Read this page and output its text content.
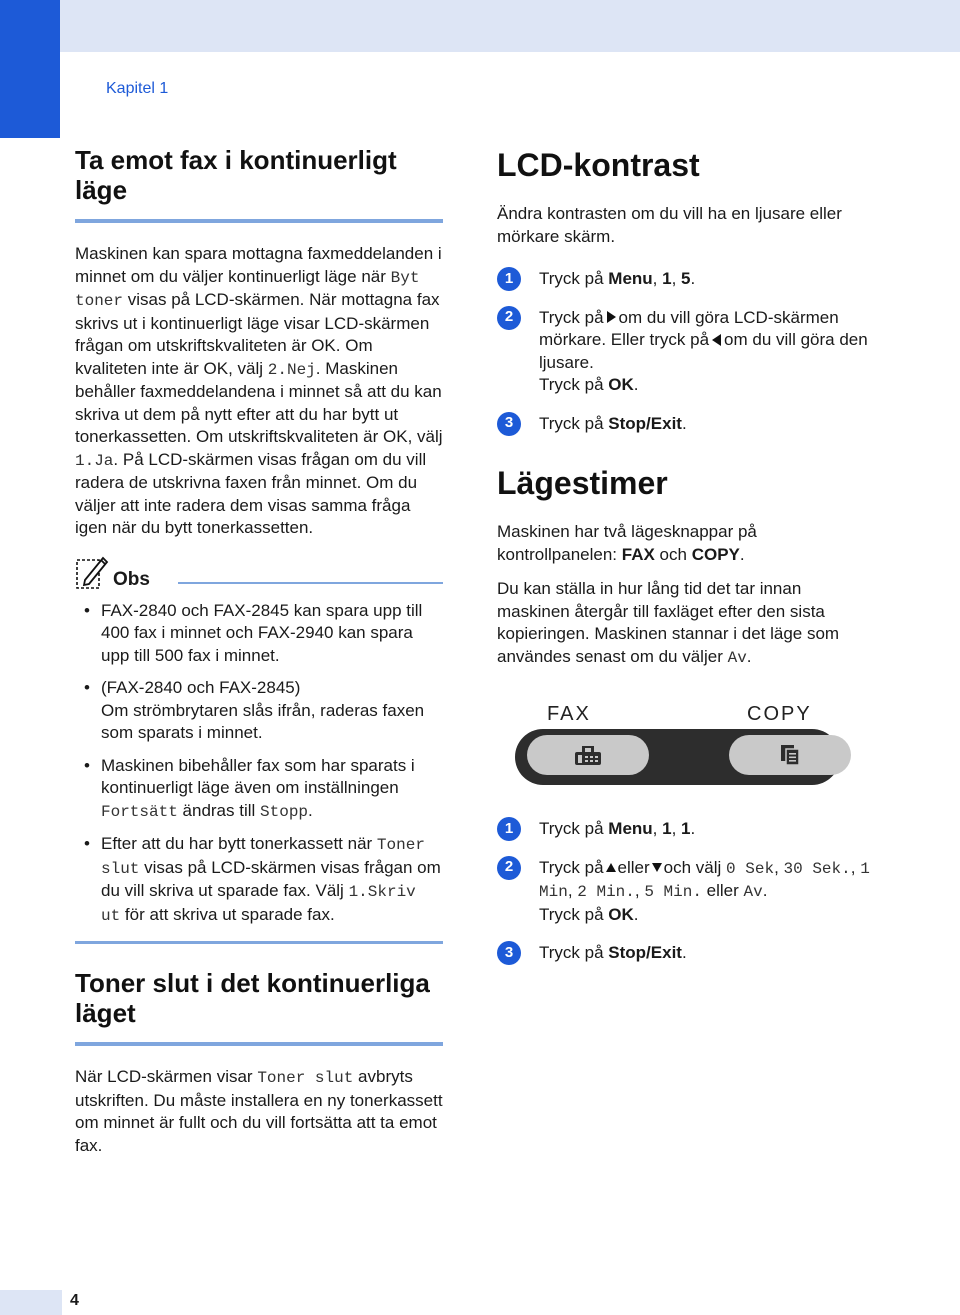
Kapitel 1
Ta emot fax i kontinuerligt läge

Maskinen kan spara mottagna faxmeddelanden i minnet om du väljer kontinuerligt läge när Byt toner visas på LCD-skärmen. När mottagna fax skrivs ut i kontinuerligt läge visar LCD-skärmen frågan om utskriftskvaliteten är OK. Om kvaliteten inte är OK, välj 2.Nej. Maskinen behåller faxmeddelandena i minnet så att du kan skriva ut dem på nytt efter att du har bytt ut tonerkassetten. Om utskriftskvaliteten är OK, välj 1.Ja. På LCD-skärmen visas frågan om du vill radera de utskrivna faxen från minnet. Om du väljer att inte radera dem visas samma fråga igen när du bytt tonerkassetten.

Obs
• FAX-2840 och FAX-2845 kan spara upp till 400 fax i minnet och FAX-2940 kan spara upp till 500 fax i minnet.
• (FAX-2840 och FAX-2845)
Om strömbrytaren slås ifrån, raderas faxen som sparats i minnet.
• Maskinen bibehåller fax som har sparats i kontinuerligt läge även om inställningen Fortsätt ändras till Stopp.
• Efter att du har bytt tonerkassett när Toner slut visas på LCD-skärmen visas frågan om du vill skriva ut sparade fax. Välj 1.Skriv ut för att skriva ut sparade fax.
Toner slut i det kontinuerliga läget

När LCD-skärmen visar Toner slut avbryts utskriften. Du måste installera en ny tonerkassett om minnet är fullt och du vill fortsätta att ta emot fax.

LCD-kontrast

Ändra kontrasten om du vill ha en ljusare eller mörkare skärm.

1	Tryck på Menu, 1, 5.
2	Tryck på om du vill göra LCD-skärmen mörkare. Eller tryck på om du vill göra den ljusare.
Tryck på OK.
3	Tryck på Stop/Exit.
Lägestimer

Maskinen har två lägesknappar på kontrollpanelen: FAX och COPY.

Du kan ställa in hur lång tid det tar innan maskinen återgår till faxläget efter den sista kopieringen. Maskinen stannar i det läge som användes senast om du väljer Av.

FAX	COPY
1	Tryck på Menu, 1, 1.
2	Tryck på eller och välj 0 Sek, 30 Sek., 1 Min, 2 Min., 5 Min. eller Av.
Tryck på OK.
3	Tryck på Stop/Exit.
4
